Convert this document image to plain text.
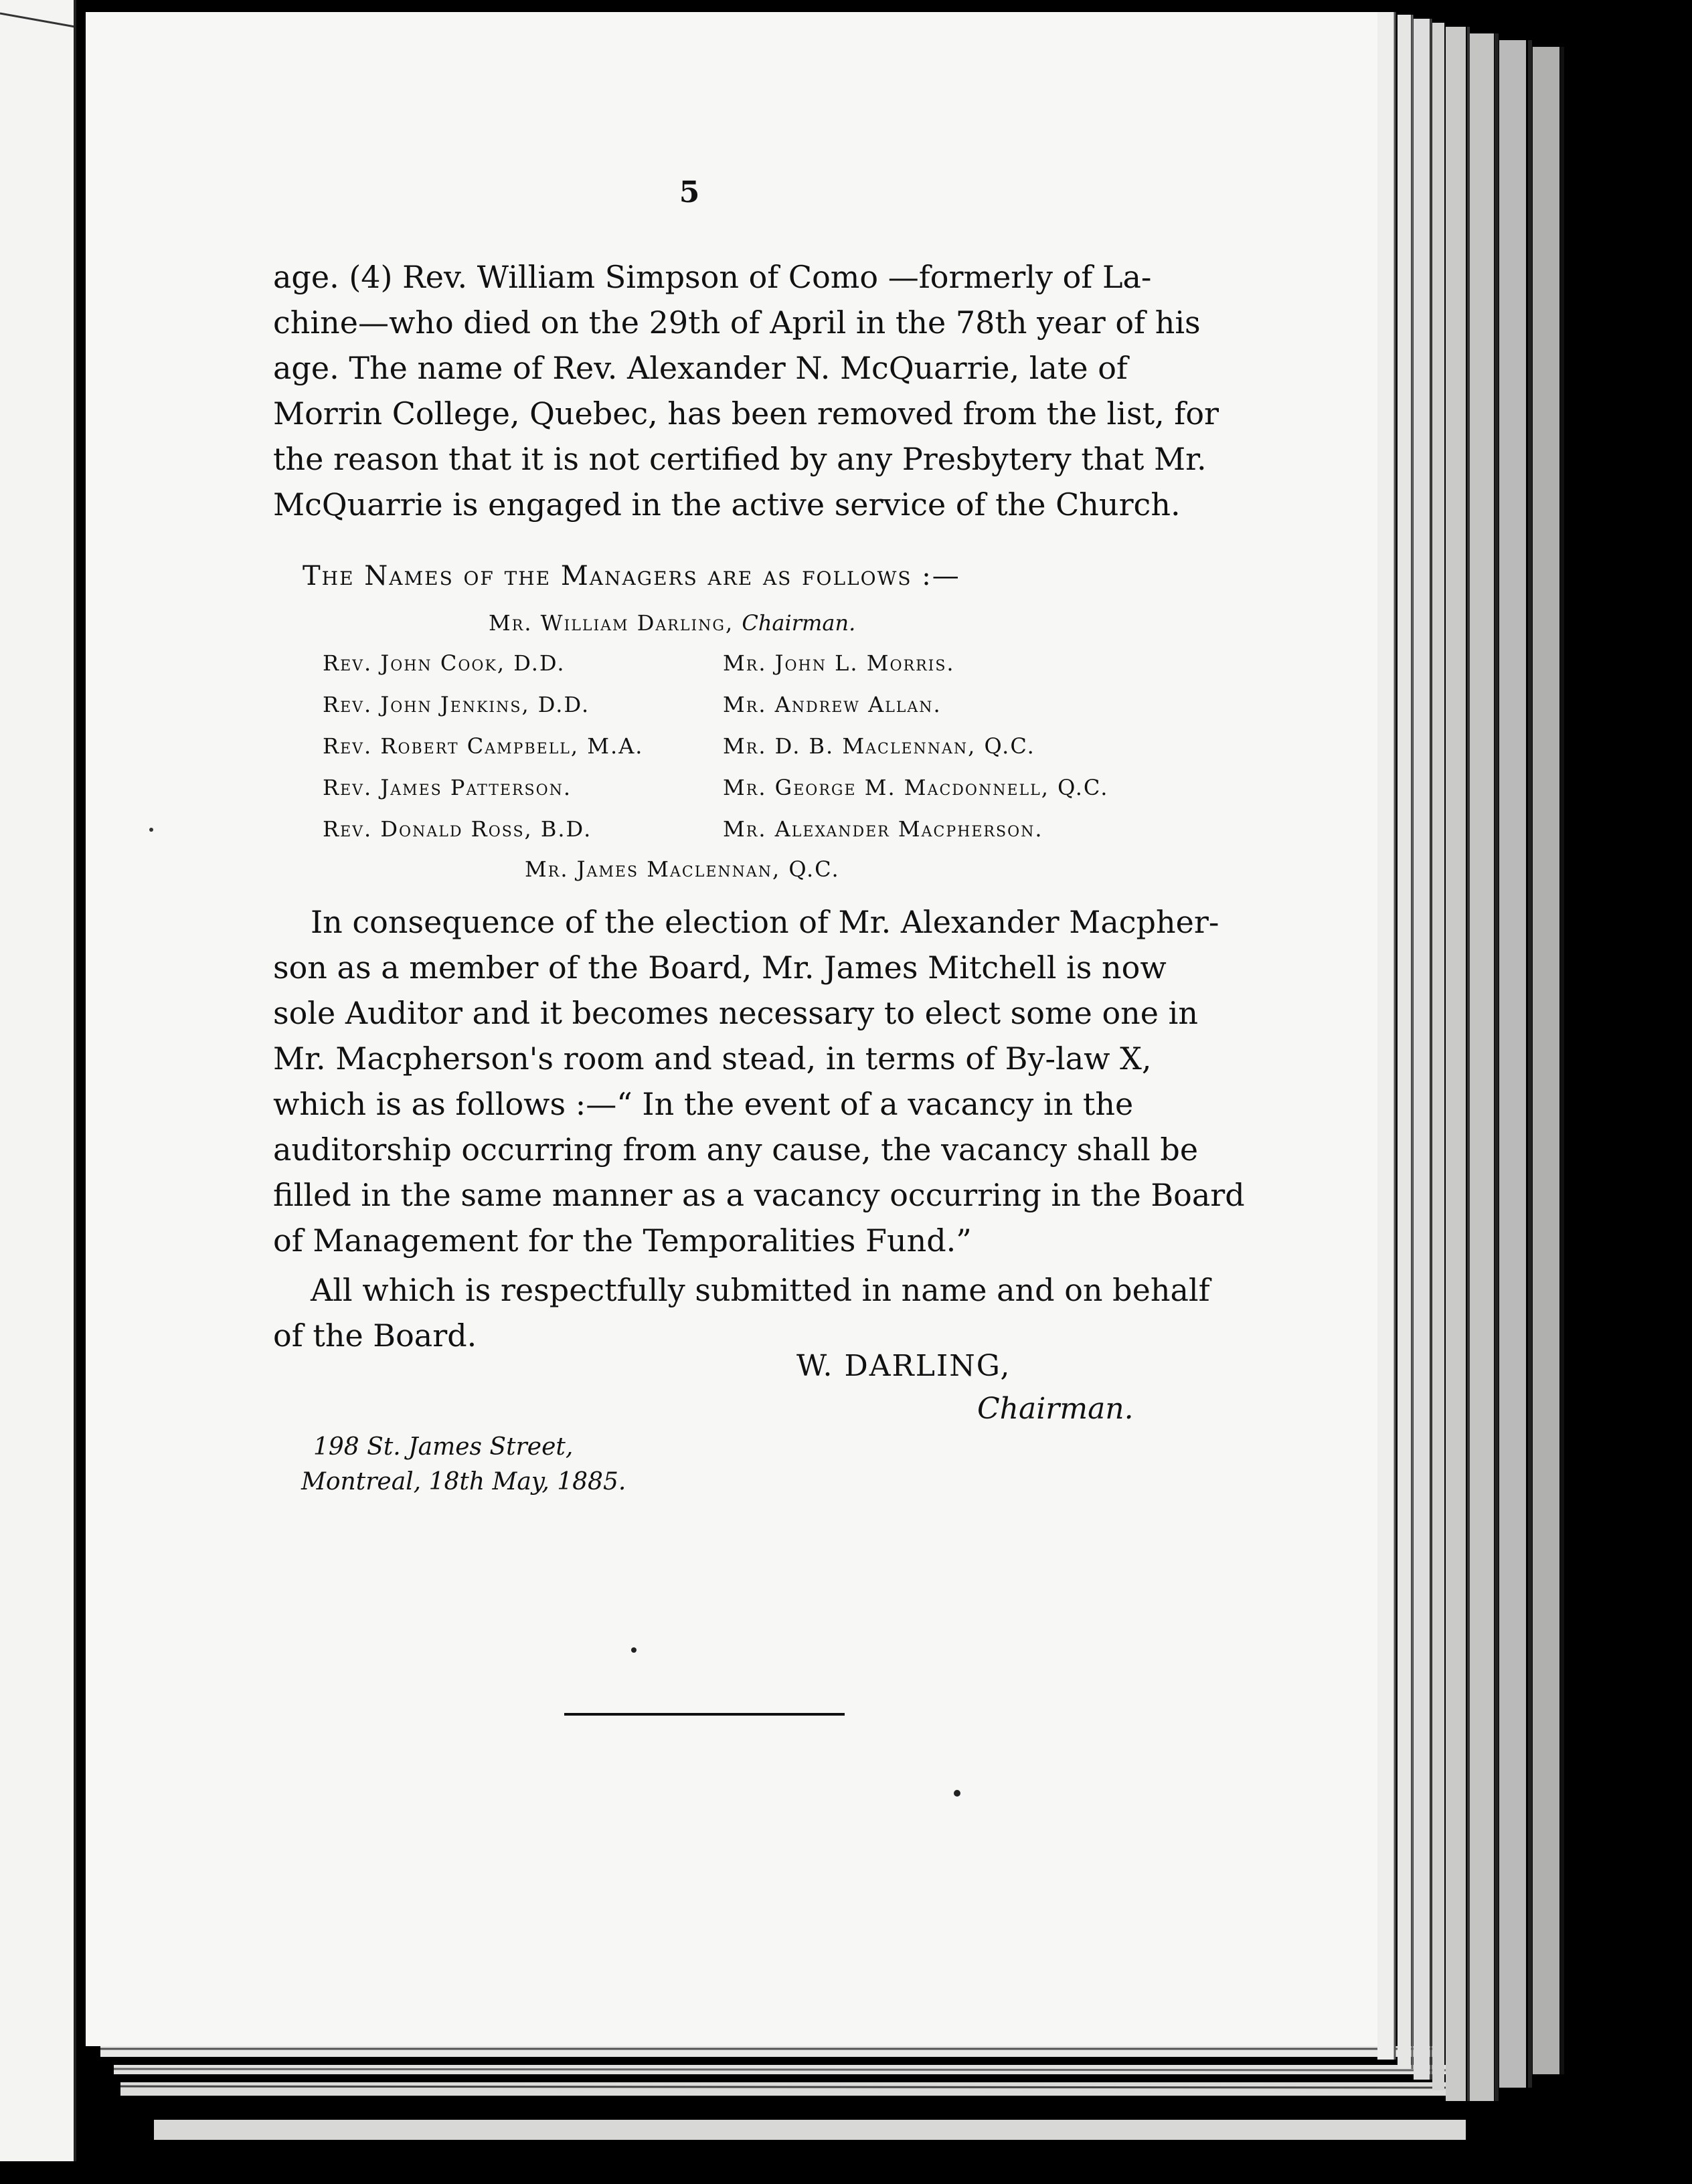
5

age. (4) Rev. William Simpson of Como —formerly of La-
chine—who died on the 29th of April in the 78th year of his
age. The name of Rev. Alexander N. McQuarrie, late of
Morrin College, Quebec, has been removed from the list, for
the reason that it is not certified by any Presbytery that Mr.
McQuarrie is engaged in the active service of the Church.

The Names of the Managers are as follows :—
Mr. William Darling, Chairman.
Rev. John Cook, D.D.
Rev. John Jenkins, D.D.
Rev. Robert Campbell, M.A.
Rev. James Patterson.
Rev. Donald Ross, B.D.
Mr. John L. Morris.
Mr. Andrew Allan.
Mr. D. B. Maclennan, Q.C.
Mr. George M. Macdonnell, Q.C.
Mr. Alexander Macpherson.
Mr. James Maclennan, Q.C.

In consequence of the election of Mr. Alexander Macpher-
son as a member of the Board, Mr. James Mitchell is now
sole Auditor and it becomes necessary to elect some one in
Mr. Macpherson's room and stead, in terms of By-law X,
which is as follows :—“ In the event of a vacancy in the
auditorship occurring from any cause, the vacancy shall be
filled in the same manner as a vacancy occurring in the Board
of Management for the Temporalities Fund.”

All which is respectfully submitted in name and on behalf
of the Board.

W. DARLING,
Chairman.
198 St. James Street,
Montreal, 18th May, 1885.
